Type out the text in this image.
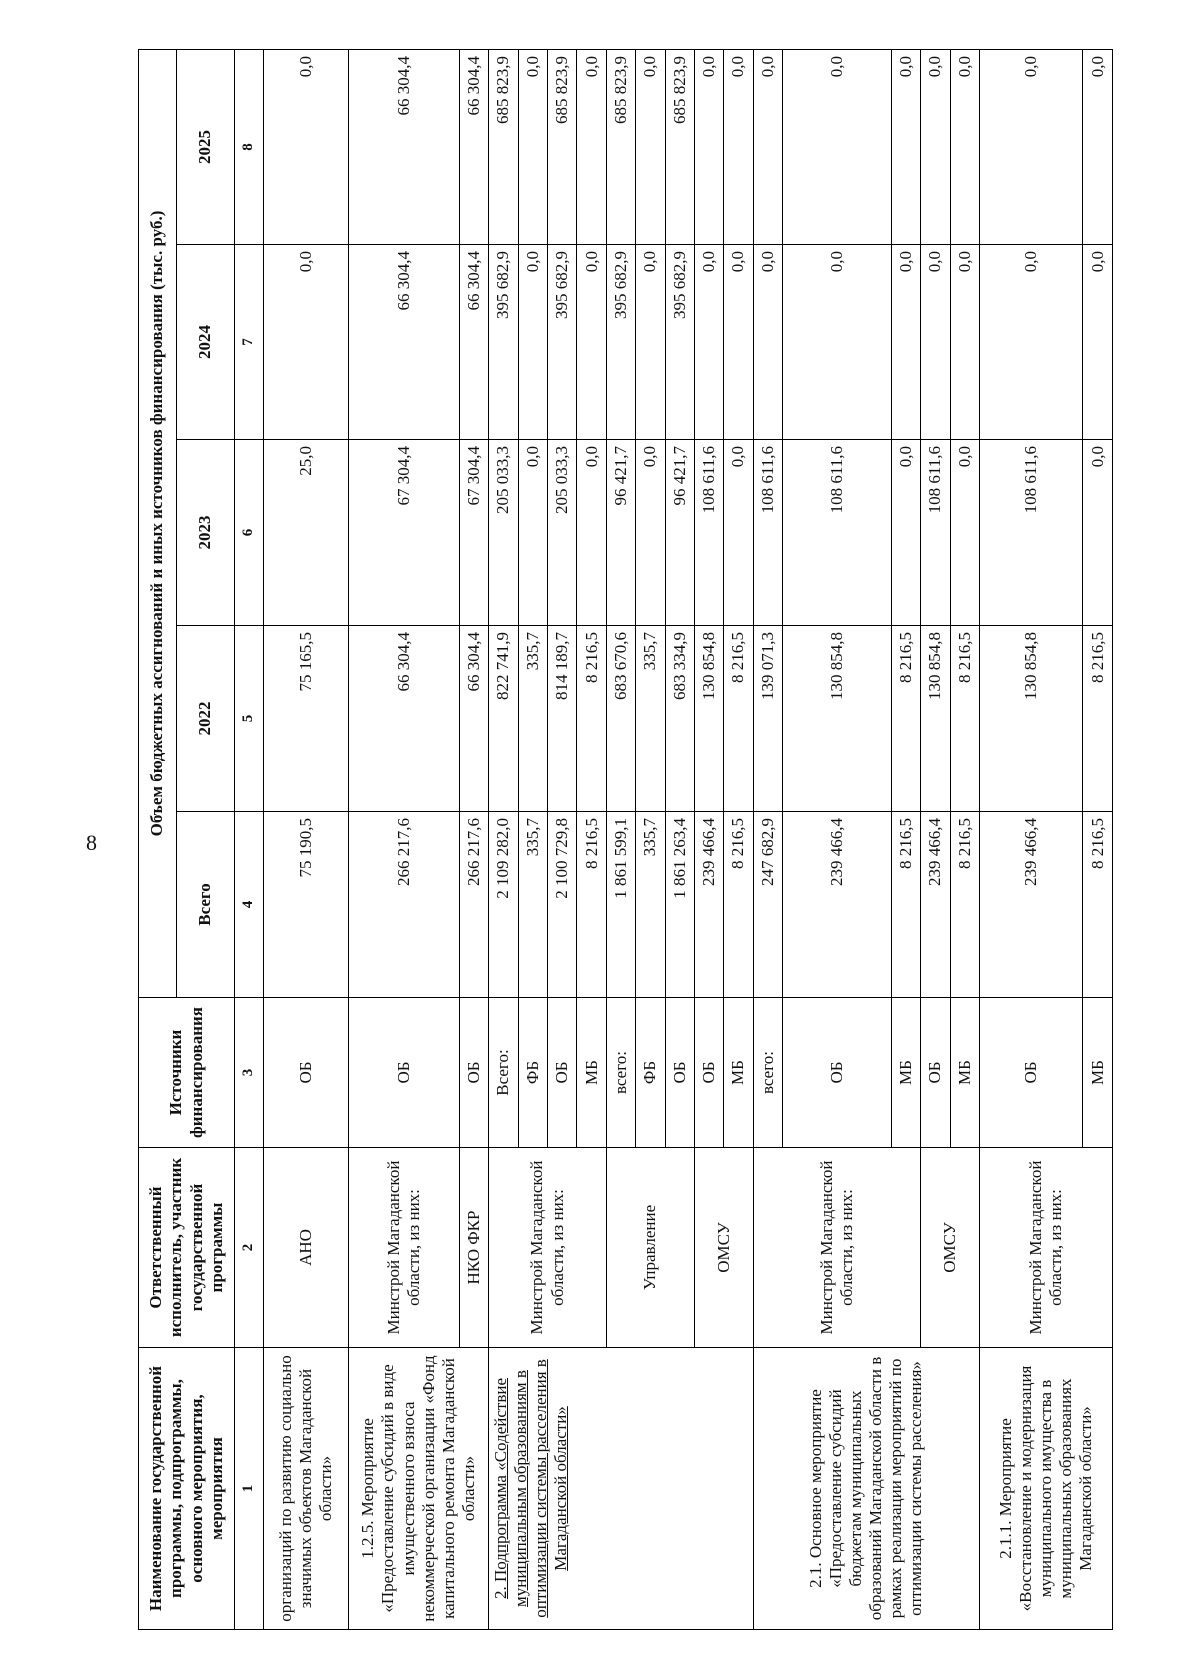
8
Наименование государственной программы, подпрограммы, основного мероприятия, мероприятия	Ответственный исполнитель, участник государственной программы	Источники финансирования	Объем бюджетных ассигнований и иных источников финансирования (тыс. руб.)				
			Всего	2022	2023	2024	2025
1	2	3	4	5	6	7	8
организаций по развитию социально значимых объектов Магаданской области»	АНО	ОБ	75 190,5	75 165,5	25,0	0,0	0,0
1.2.5. Мероприятие «Предоставление субсидий в виде имущественного взноса некоммерческой организации «Фонд капитального ремонта Магаданской области»	Минстрой Магаданской области, из них:	ОБ	266 217,6	66 304,4	67 304,4	66 304,4	66 304,4
	НКО ФКР	ОБ	266 217,6	66 304,4	67 304,4	66 304,4	66 304,4
2. Подпрограмма «Содействие муниципальным образованиям в оптимизации системы расселения в Магаданской области»	Минстрой Магаданской области, из них:	Всего:	2 109 282,0	822 741,9	205 033,3	395 682,9	685 823,9
		ФБ	335,7	335,7	0,0	0,0	0,0
		ОБ	2 100 729,8	814 189,7	205 033,3	395 682,9	685 823,9
		МБ	8 216,5	8 216,5	0,0	0,0	0,0
	Управление	всего:	1 861 599,1	683 670,6	96 421,7	395 682,9	685 823,9
		ФБ	335,7	335,7	0,0	0,0	0,0
		ОБ	1 861 263,4	683 334,9	96 421,7	395 682,9	685 823,9
	ОМСУ	ОБ	239 466,4	130 854,8	108 611,6	0,0	0,0
		МБ	8 216,5	8 216,5	0,0	0,0	0,0
2.1. Основное мероприятие «Предоставление субсидий бюджетам муниципальных образований Магаданской области в рамках реализации мероприятий по оптимизации системы расселения»	Минстрой Магаданской области, из них:	всего:	247 682,9	139 071,3	108 611,6	0,0	0,0
		ОБ	239 466,4	130 854,8	108 611,6	0,0	0,0
		МБ	8 216,5	8 216,5	0,0	0,0	0,0
	ОМСУ	ОБ	239 466,4	130 854,8	108 611,6	0,0	0,0
		МБ	8 216,5	8 216,5	0,0	0,0	0,0
2.1.1. Мероприятие «Восстановление и модернизация муниципального имущества в муниципальных образованиях Магаданской области»	Минстрой Магаданской области, из них:	ОБ	239 466,4	130 854,8	108 611,6	0,0	0,0
		МБ	8 216,5	8 216,5	0,0	0,0	0,0
